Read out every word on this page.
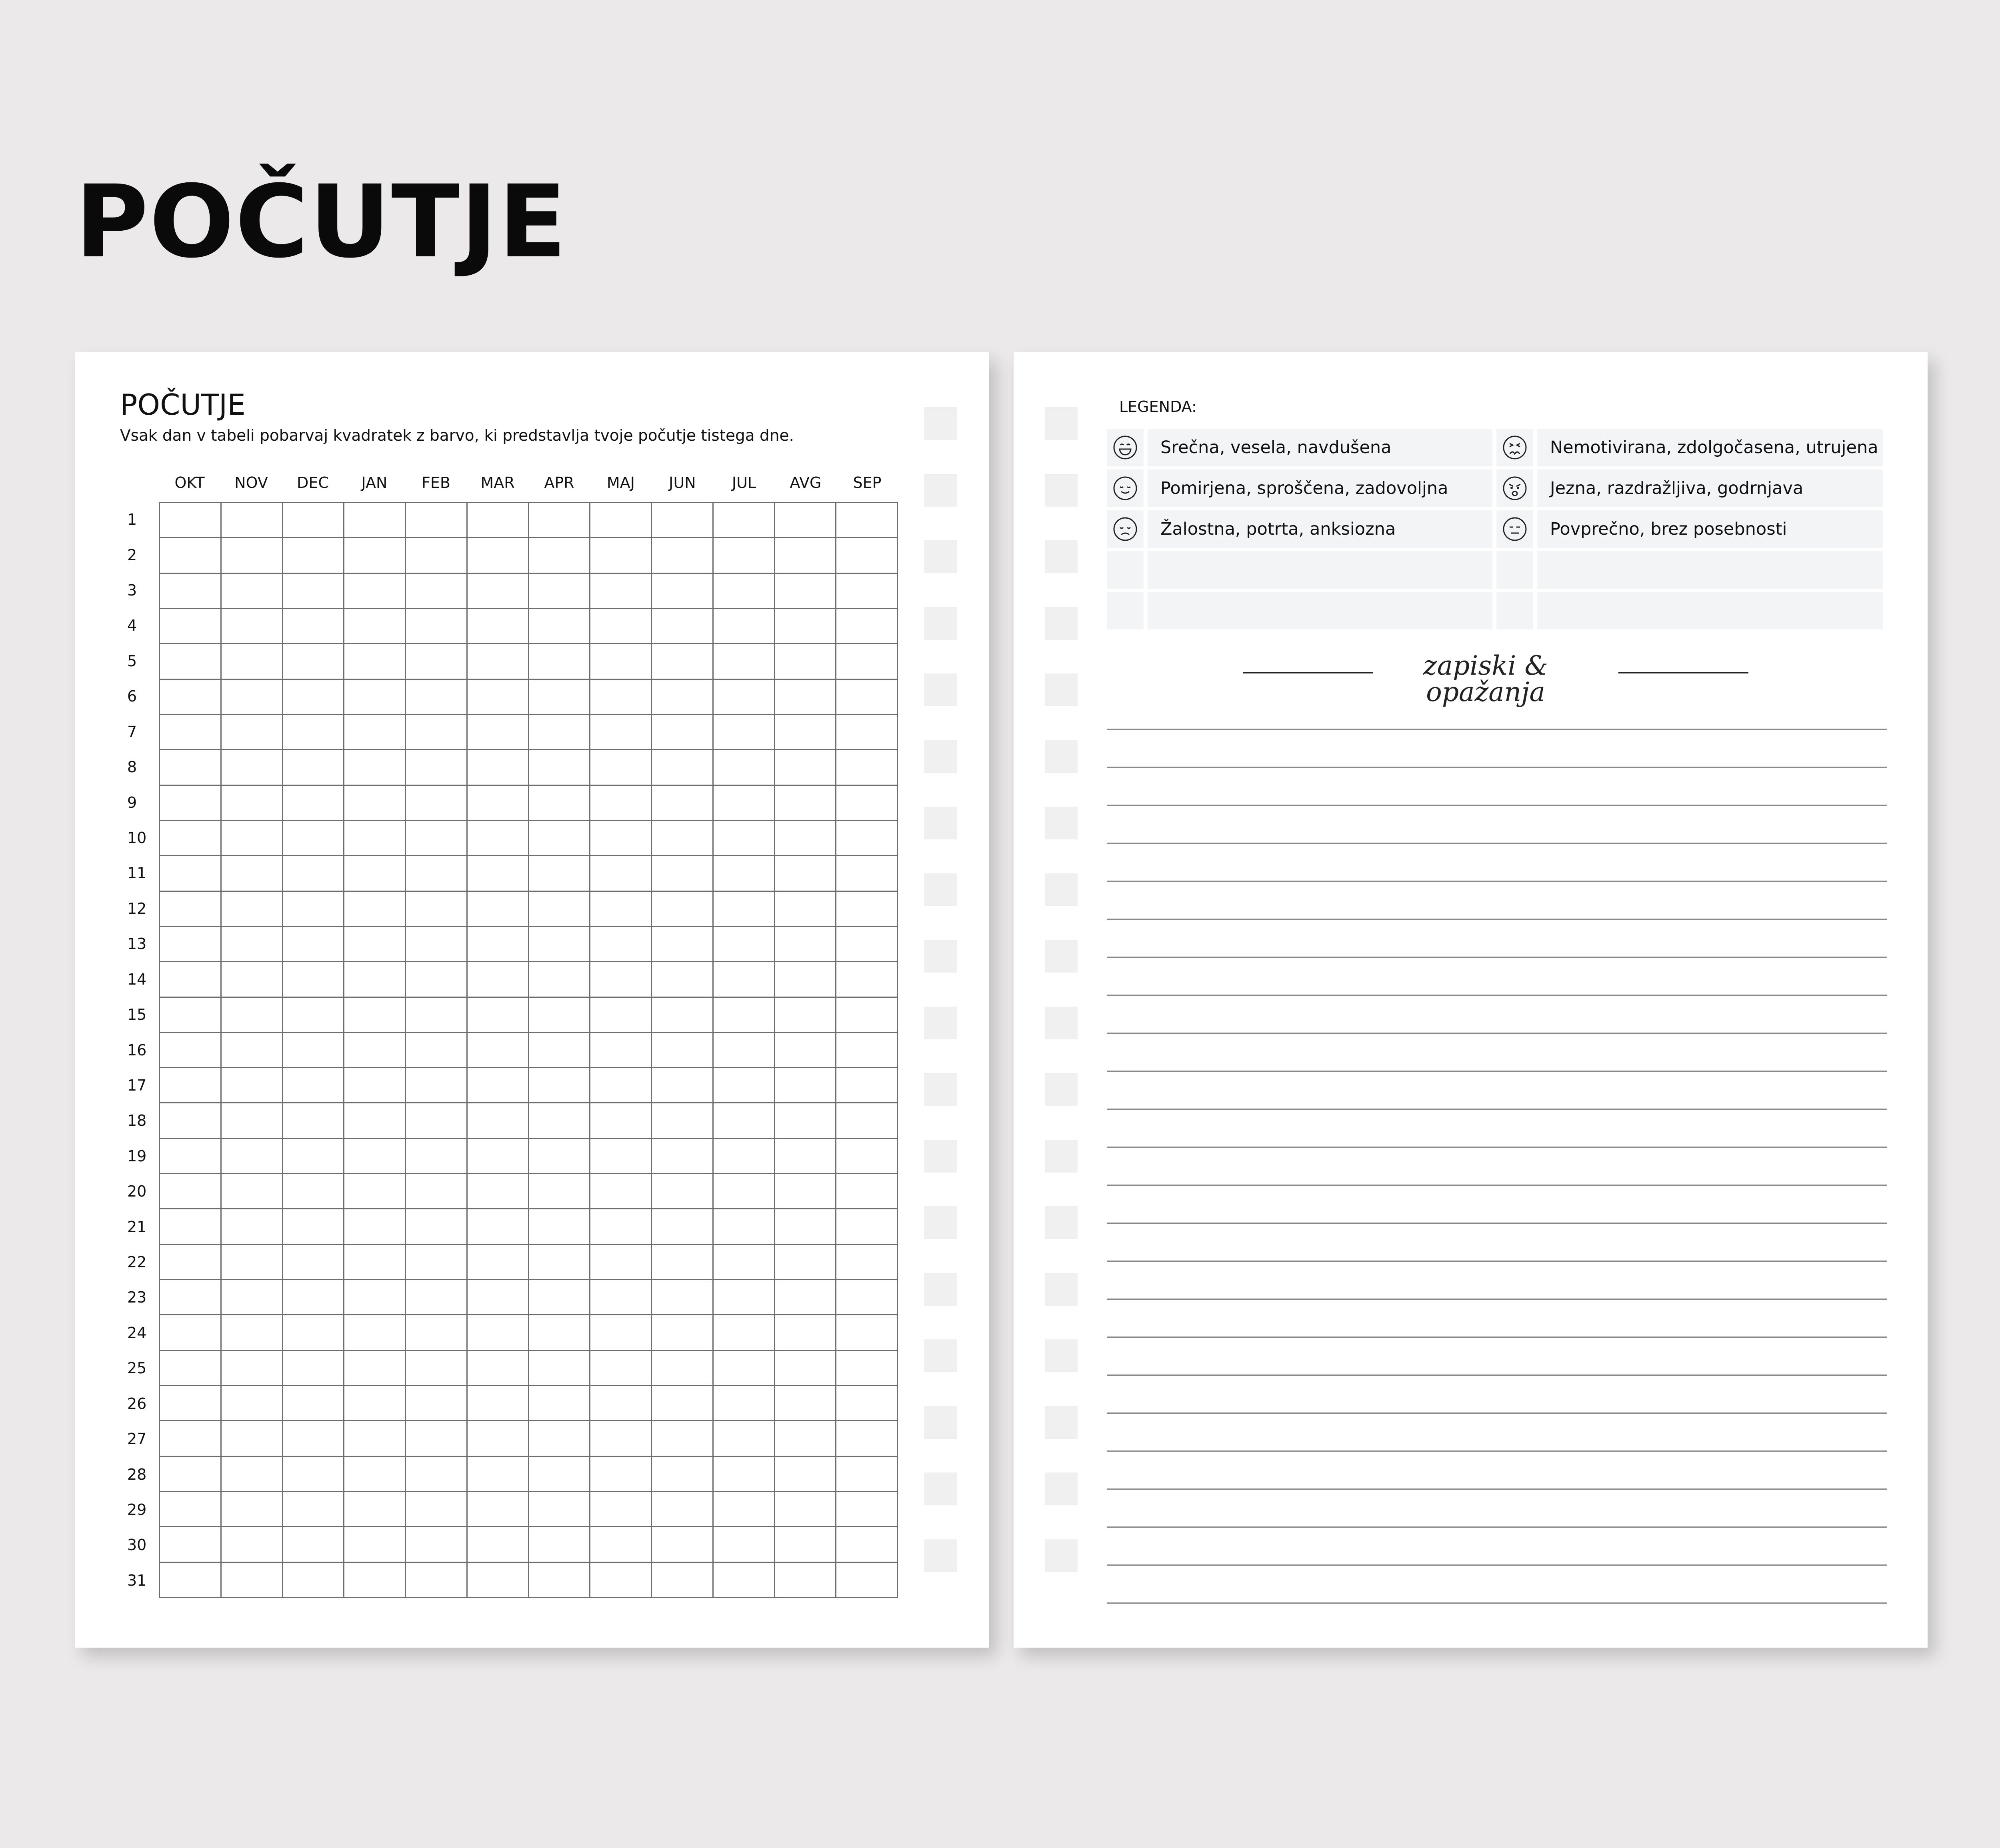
POČUTJE
POČUTJE
Vsak dan v tabeli pobarvaj kvadratek z barvo, ki predstavlja tvoje počutje tistega dne.
OKT	NOV	DEC	JAN	FEB	MAR	APR	MAJ	JUN	JUL	AVG	SEP
1
2
3
4
5
6
7
8
9
10
11
12
13
14
15
16
17
18
19
20
21
22
23
24
25
26
27
28
29
30
31
LEGENDA:
Srečna, vesela, navdušena	Nemotivirana, zdolgočasena, utrujena
Pomirjena, sproščena, zadovoljna	Jezna, razdražljiva, godrnjava
Žalostna, potrta, anksiozna	Povprečno, brez posebnosti
zapiski & opažanja
